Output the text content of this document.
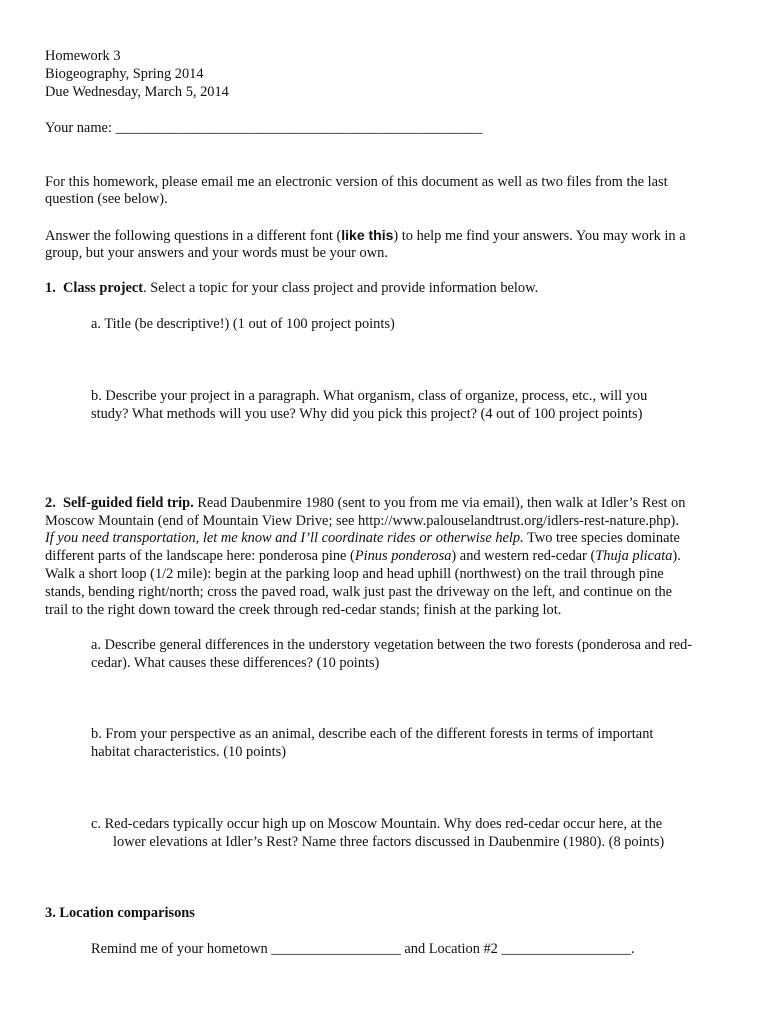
Homework 3
Biogeography, Spring 2014
Due Wednesday, March 5, 2014
Your name: ___________________________________________________
For this homework, please email me an electronic version of this document as well as two files from the last
question (see below).
Answer the following questions in a different font (like this) to help me find your answers. You may work in a
group, but your answers and your words must be your own.
1. Class project. Select a topic for your class project and provide information below.
a. Title (be descriptive!) (1 out of 100 project points)
b. Describe your project in a paragraph. What organism, class of organize, process, etc., will you
study? What methods will you use? Why did you pick this project? (4 out of 100 project points)
2. Self-guided field trip. Read Daubenmire 1980 (sent to you from me via email), then walk at Idler’s Rest on
Moscow Mountain (end of Mountain View Drive; see http://www.palouselandtrust.org/idlers-rest-nature.php).
If you need transportation, let me know and I’ll coordinate rides or otherwise help. Two tree species dominate
different parts of the landscape here: ponderosa pine (Pinus ponderosa) and western red-cedar (Thuja plicata).
Walk a short loop (1/2 mile): begin at the parking loop and head uphill (northwest) on the trail through pine
stands, bending right/north; cross the paved road, walk just past the driveway on the left, and continue on the
trail to the right down toward the creek through red-cedar stands; finish at the parking lot.
a. Describe general differences in the understory vegetation between the two forests (ponderosa and red-
cedar). What causes these differences? (10 points)
b. From your perspective as an animal, describe each of the different forests in terms of important
habitat characteristics. (10 points)
c. Red-cedars typically occur high up on Moscow Mountain. Why does red-cedar occur here, at the
lower elevations at Idler’s Rest? Name three factors discussed in Daubenmire (1980). (8 points)
3. Location comparisons
Remind me of your hometown __________________ and Location #2 __________________.
